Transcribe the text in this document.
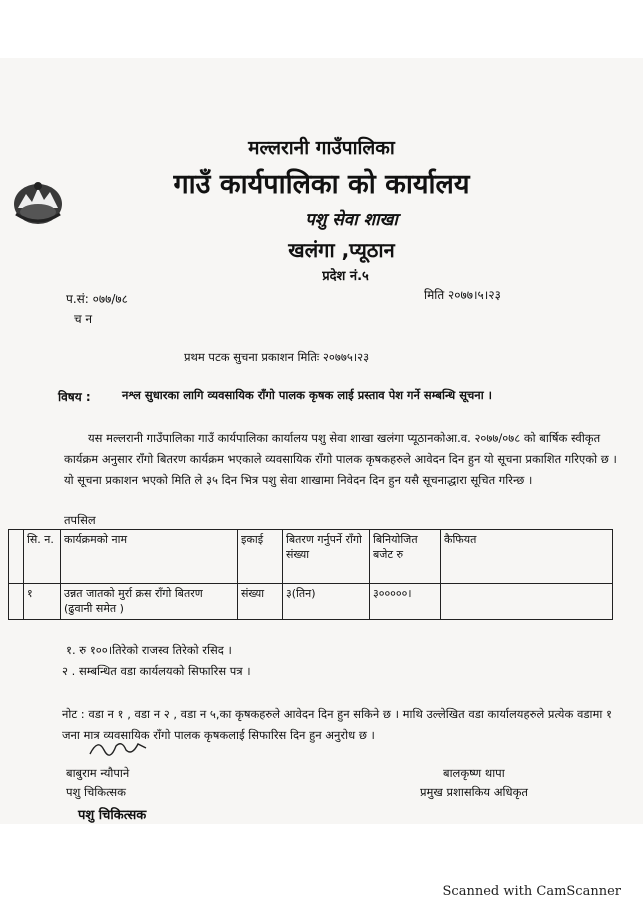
मल्लरानी गाउँपालिका
गाउँ कार्यपालिका को कार्यालय
पशु सेवा शाखा
खलंगा ,प्यूठान
प्रदेश नं.५
प.सं: ०७७/७८
च न
मिति २०७७।५।२३
प्रथम पटक सुचना प्रकाशन मितिः २०७७५।२३
विषय :	नश्ल सुधारका लागि व्यवसायिक राँगो पालक कृषक लाई प्रस्ताव पेश गर्ने सम्बन्धि सूचना ।
यस मल्लरानी गाउँपालिका गाउँ कार्यपालिका कार्यालय पशु सेवा शाखा खलंगा प्यूठानकोआ.व. २०७७/०७८ को बार्षिक स्वीकृत कार्यक्रम अनुसार राँगो बितरण कार्यक्रम भएकाले व्यवसायिक राँगो पालक कृषकहरुले आवेदन दिन हुन यो सूचना प्रकाशित गरिएको छ । यो सूचना प्रकाशन भएको मिति ले ३५ दिन भित्र पशु सेवा शाखामा निवेदन दिन हुन यसै सूचनाद्धारा सूचित गरिन्छ ।
तपसिल
	सि. न.	कार्यक्रमको नाम	इकाई	बितरण गर्नुपर्ने राँगो संख्या	बिनियोजित बजेट रु	कैफियत
	१	उन्नत जातको मुर्रा क्रस राँगो बितरण (ढुवानी समेत )	संख्या	३(तिन)	३०००००।	
१. रु १००।तिरेको राजस्व तिरेको रसिद ।
२ . सम्बन्धित वडा कार्यलयको सिफारिस पत्र ।
नोट : वडा न १ , वडा न २ , वडा न ५,का कृषकहरुले आवेदन दिन हुन सकिने छ । माथि उल्लेखित वडा कार्यालयहरुले प्रत्येक वडामा १ जना मात्र व्यवसायिक राँगो पालक कृषकलाई सिफारिस दिन हुन अनुरोध छ ।
बाबुराम न्यौपाने
पशु चिकित्सक
पशु चिकित्सक
बालकृष्ण थापा
प्रमुख प्रशासकिय अधिकृत
Scanned with CamScanner
